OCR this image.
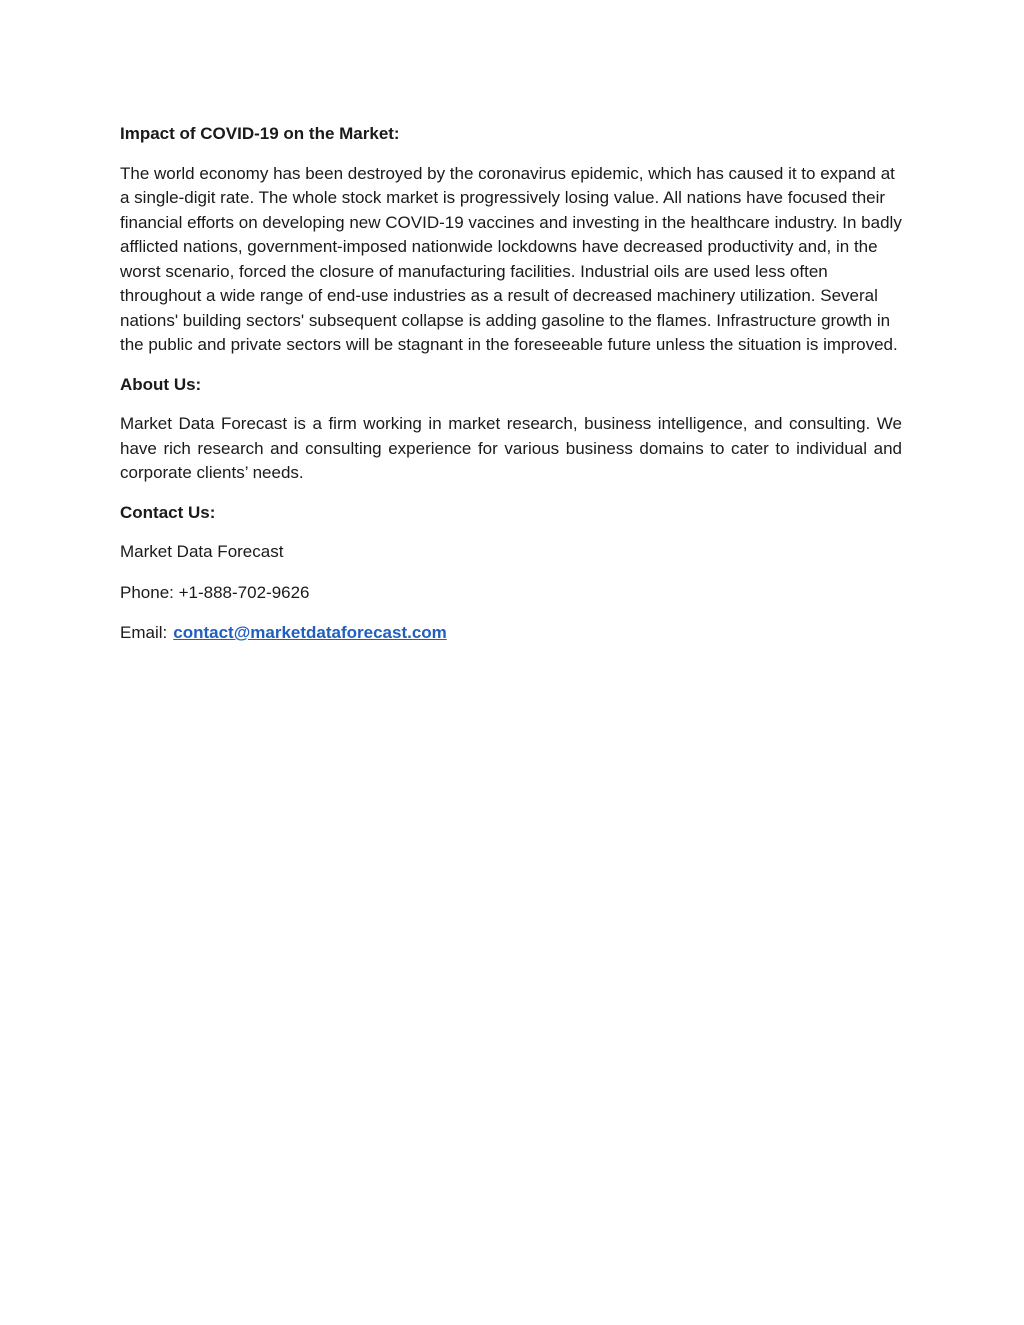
Impact of COVID-19 on the Market:
The world economy has been destroyed by the coronavirus epidemic, which has caused it to expand at a single-digit rate. The whole stock market is progressively losing value. All nations have focused their financial efforts on developing new COVID-19 vaccines and investing in the healthcare industry. In badly afflicted nations, government-imposed nationwide lockdowns have decreased productivity and, in the worst scenario, forced the closure of manufacturing facilities. Industrial oils are used less often throughout a wide range of end-use industries as a result of decreased machinery utilization. Several nations' building sectors' subsequent collapse is adding gasoline to the flames. Infrastructure growth in the public and private sectors will be stagnant in the foreseeable future unless the situation is improved.
About Us:
Market Data Forecast is a firm working in market research, business intelligence, and consulting. We have rich research and consulting experience for various business domains to cater to individual and corporate clients’ needs.
Contact Us:
Market Data Forecast
Phone: +1-888-702-9626
Email: contact@marketdataforecast.com
